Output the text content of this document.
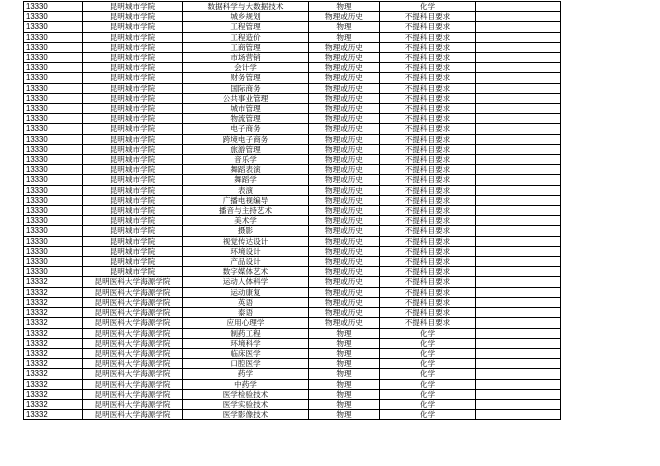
13330	昆明城市学院	数据科学与大数据技术	物理	化学	
13330	昆明城市学院	城乡规划	物理或历史	不提科目要求	
13330	昆明城市学院	工程管理	物理	不提科目要求	
13330	昆明城市学院	工程造价	物理	不提科目要求	
13330	昆明城市学院	工商管理	物理或历史	不提科目要求	
13330	昆明城市学院	市场营销	物理或历史	不提科目要求	
13330	昆明城市学院	会计学	物理或历史	不提科目要求	
13330	昆明城市学院	财务管理	物理或历史	不提科目要求	
13330	昆明城市学院	国际商务	物理或历史	不提科目要求	
13330	昆明城市学院	公共事业管理	物理或历史	不提科目要求	
13330	昆明城市学院	城市管理	物理或历史	不提科目要求	
13330	昆明城市学院	物流管理	物理或历史	不提科目要求	
13330	昆明城市学院	电子商务	物理或历史	不提科目要求	
13330	昆明城市学院	跨境电子商务	物理或历史	不提科目要求	
13330	昆明城市学院	旅游管理	物理或历史	不提科目要求	
13330	昆明城市学院	音乐学	物理或历史	不提科目要求	
13330	昆明城市学院	舞蹈表演	物理或历史	不提科目要求	
13330	昆明城市学院	舞蹈学	物理或历史	不提科目要求	
13330	昆明城市学院	表演	物理或历史	不提科目要求	
13330	昆明城市学院	广播电视编导	物理或历史	不提科目要求	
13330	昆明城市学院	播音与主持艺术	物理或历史	不提科目要求	
13330	昆明城市学院	美术学	物理或历史	不提科目要求	
13330	昆明城市学院	摄影	物理或历史	不提科目要求	
13330	昆明城市学院	视觉传达设计	物理或历史	不提科目要求	
13330	昆明城市学院	环境设计	物理或历史	不提科目要求	
13330	昆明城市学院	产品设计	物理或历史	不提科目要求	
13330	昆明城市学院	数字媒体艺术	物理或历史	不提科目要求	
13332	昆明医科大学海源学院	运动人体科学	物理或历史	不提科目要求	
13332	昆明医科大学海源学院	运动康复	物理或历史	不提科目要求	
13332	昆明医科大学海源学院	英语	物理或历史	不提科目要求	
13332	昆明医科大学海源学院	泰语	物理或历史	不提科目要求	
13332	昆明医科大学海源学院	应用心理学	物理或历史	不提科目要求	
13332	昆明医科大学海源学院	制药工程	物理	化学	
13332	昆明医科大学海源学院	环境科学	物理	化学	
13332	昆明医科大学海源学院	临床医学	物理	化学	
13332	昆明医科大学海源学院	口腔医学	物理	化学	
13332	昆明医科大学海源学院	药学	物理	化学	
13332	昆明医科大学海源学院	中药学	物理	化学	
13332	昆明医科大学海源学院	医学检验技术	物理	化学	
13332	昆明医科大学海源学院	医学实验技术	物理	化学	
13332	昆明医科大学海源学院	医学影像技术	物理	化学	
